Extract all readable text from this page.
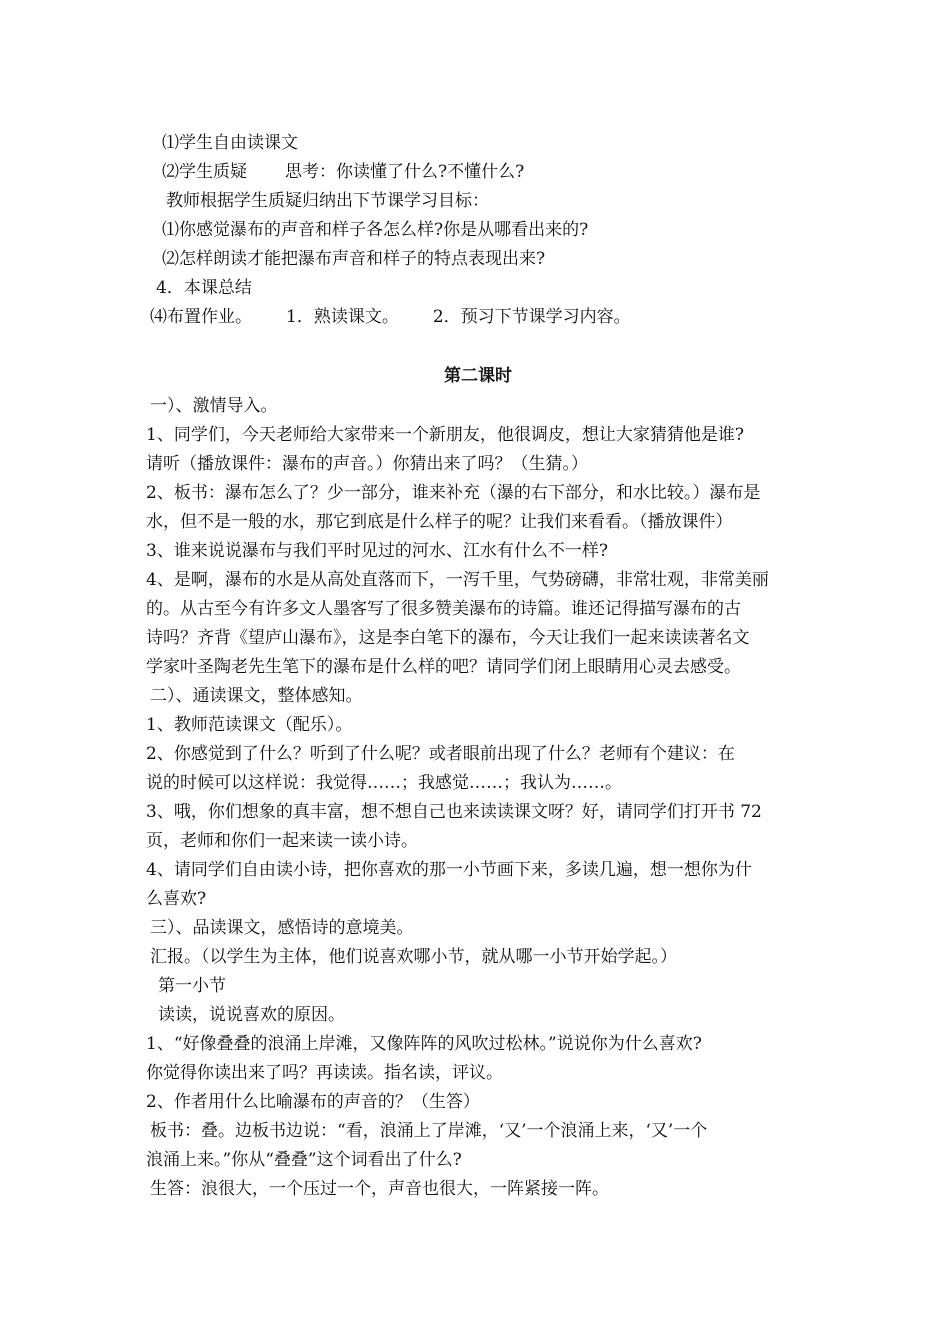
⑴学生自由读课文
⑵学生质疑 思考：你读懂了什么?不懂什么?
教师根据学生质疑归纳出下节课学习目标：
⑴你感觉瀑布的声音和样子各怎么样?你是从哪看出来的?
⑵怎样朗读才能把瀑布声音和样子的特点表现出来?
4．本课总结
⑷布置作业。 1．熟读课文。 2．预习下节课学习内容。
第二课时
一）、激情导入。
1、同学们，今天老师给大家带来一个新朋友，他很调皮，想让大家猜猜他是谁?
请听（播放课件：瀑布的声音。）你猜出来了吗？（生猜。）
2、板书：瀑布怎么了？少一部分，谁来补充（瀑的右下部分，和水比较。）瀑布是
水，但不是一般的水，那它到底是什么样子的呢？让我们来看看。（播放课件）
3、谁来说说瀑布与我们平时见过的河水、江水有什么不一样?
4、是啊，瀑布的水是从高处直落而下，一泻千里，气势磅礴，非常壮观，非常美丽
的。从古至今有许多文人墨客写了很多赞美瀑布的诗篇。谁还记得描写瀑布的古
诗吗？齐背《望庐山瀑布》，这是李白笔下的瀑布，今天让我们一起来读读著名文
学家叶圣陶老先生笔下的瀑布是什么样的吧？请同学们闭上眼睛用心灵去感受。
二）、通读课文，整体感知。
1、教师范读课文（配乐）。
2、你感觉到了什么？听到了什么呢？或者眼前出现了什么？老师有个建议：在
说的时候可以这样说：我觉得……；我感觉……；我认为……。
3、哦，你们想象的真丰富，想不想自己也来读读课文呀？好，请同学们打开书 72
页，老师和你们一起来读一读小诗。
4、请同学们自由读小诗，把你喜欢的那一小节画下来，多读几遍，想一想你为什
么喜欢?
三）、品读课文，感悟诗的意境美。
汇报。（以学生为主体，他们说喜欢哪小节，就从哪一小节开始学起。）
第一小节
读读，说说喜欢的原因。
1、“好像叠叠的浪涌上岸滩，又像阵阵的风吹过松林。”说说你为什么喜欢?
你觉得你读出来了吗？再读读。指名读，评议。
2、作者用什么比喻瀑布的声音的？（生答）
板书：叠。边板书边说：“看，浪涌上了岸滩，‘又’一个浪涌上来，‘又’一个
浪涌上来。”你从“叠叠”这个词看出了什么?
生答：浪很大，一个压过一个，声音也很大，一阵紧接一阵。
